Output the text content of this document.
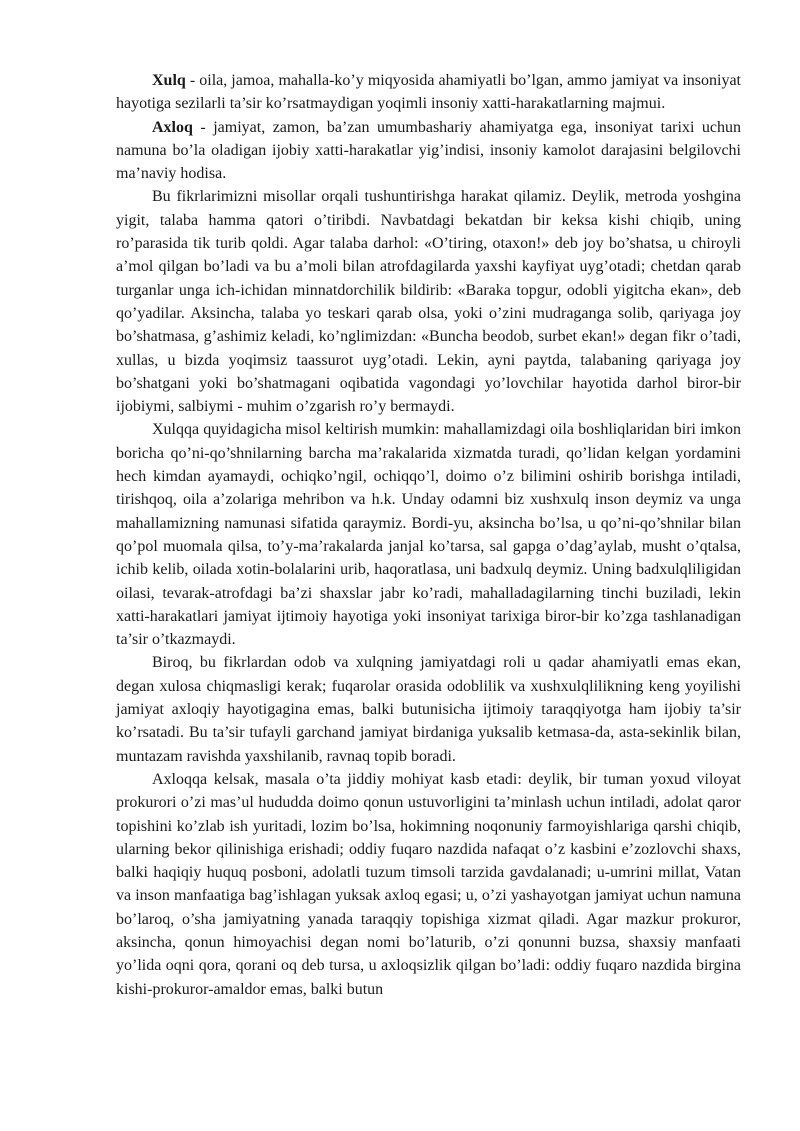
Xulq - oila, jamoa, mahalla-ko’y miqyosida ahamiyatli bo’lgan, ammo jamiyat va insoniyat hayotiga sezilarli ta’sir ko’rsatmaydigan yoqimli insoniy xatti-harakatlarning majmui.

Axloq - jamiyat, zamon, ba’zan umumbashariy ahamiyatga ega, insoniyat tarixi uchun namuna bo’la oladigan ijobiy xatti-harakatlar yig’indisi, insoniy kamolot darajasini belgilovchi ma’naviy hodisa.

Bu fikrlarimizni misollar orqali tushuntirishga harakat qilamiz. Deylik, metroda yoshgina yigit, talaba hamma qatori o’tiribdi. Navbatdagi bekatdan bir keksa kishi chiqib, uning ro’parasida tik turib qoldi. Agar talaba darhol: «O’tiring, otaxon!» deb joy bo’shatsa, u chiroyli a’mol qilgan bo’ladi va bu a’moli bilan atrofdagilarda yaxshi kayfiyat uyg’otadi; chetdan qarab turganlar unga ich-ichidan minnatdorchilik bildirib: «Baraka topgur, odobli yigitcha ekan», deb qo’yadilar. Aksincha, talaba yo teskari qarab olsa, yoki o’zini mudraganga solib, qariyaga joy bo’shatmasa, g’ashimiz keladi, ko’nglimizdan: «Buncha beodob, surbet ekan!» degan fikr o’tadi, xullas, u bizda yoqimsiz taassurot uyg’otadi. Lekin, ayni paytda, talabaning qariyaga joy bo’shatgani yoki bo’shatmagani oqibatida vagondagi yo’lovchilar hayotida darhol biror-bir ijobiymi, salbiymi - muhim o’zgarish ro’y bermaydi.

Xulqqa quyidagicha misol keltirish mumkin: mahallamizdagi oila boshliqlaridan biri imkon boricha qo’ni-qo’shnilarning barcha ma’rakalarida xizmatda turadi, qo’lidan kelgan yordamini hech kimdan ayamaydi, ochiqko’ngil, ochiqqo’l, doimo o’z bilimini oshirib borishga intiladi, tirishqoq, oila a’zolariga mehribon va h.k. Unday odamni biz xushxulq inson deymiz va unga mahallamizning namunasi sifatida qaraymiz. Bordi-yu, aksincha bo’lsa, u qo’ni-qo’shnilar bilan qo’pol muomala qilsa, to’y-ma’rakalarda janjal ko’tarsa, sal gapga o’dag’aylab, musht o’qtalsa, ichib kelib, oilada xotin-bolalarini urib, haqoratlasa, uni badxulq deymiz. Uning badxulqliligidan oilasi, tevarak-atrofdagi ba’zi shaxslar jabr ko’radi, mahalladagilarning tinchi buziladi, lekin xatti-harakatlari jamiyat ijtimoiy hayotiga yoki insoniyat tarixiga biror-bir ko’zga tashlanadigan ta’sir o’tkazmaydi.

Biroq, bu fikrlardan odob va xulqning jamiyatdagi roli u qadar ahamiyatli emas ekan, degan xulosa chiqmasligi kerak; fuqarolar orasida odoblilik va xushxulqlilikning keng yoyilishi jamiyat axloqiy hayotigagina emas, balki butunisicha ijtimoiy taraqqiyotga ham ijobiy ta’sir ko’rsatadi. Bu ta’sir tufayli garchand jamiyat birdaniga yuksalib ketmasa-da, asta-sekinlik bilan, muntazam ravishda yaxshilanib, ravnaq topib boradi.

Axloqqa kelsak, masala o’ta jiddiy mohiyat kasb etadi: deylik, bir tuman yoxud viloyat prokurori o’zi mas’ul hududda doimo qonun ustuvorligini ta’minlash uchun intiladi, adolat qaror topishini ko’zlab ish yuritadi, lozim bo’lsa, hokimning noqonuniy farmoyishlariga qarshi chiqib, ularning bekor qilinishiga erishadi; oddiy fuqaro nazdida nafaqat o’z kasbini e’zozlovchi shaxs, balki haqiqiy huquq posboni, adolatli tuzum timsoli tarzida gavdalanadi; u-umrini millat, Vatan va inson manfaatiga bag’ishlagan yuksak axloq egasi; u, o’zi yashayotgan jamiyat uchun namuna bo’laroq, o’sha jamiyatning yanada taraqqiy topishiga xizmat qiladi. Agar mazkur prokuror, aksincha, qonun himoyachisi degan nomi bo’laturib, o’zi qonunni buzsa, shaxsiy manfaati yo’lida oqni qora, qorani oq deb tursa, u axloqsizlik qilgan bo’ladi: oddiy fuqaro nazdida birgina kishi-prokuror-amaldor emas, balki butun
